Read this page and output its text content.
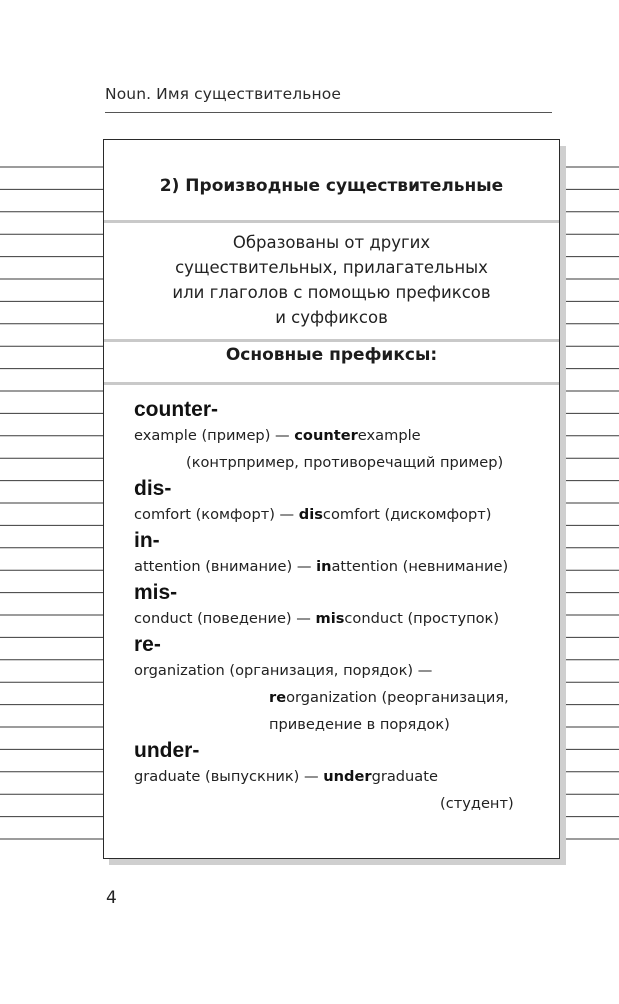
Noun. Имя существительное
2) Производные существительные
Образованы от других
существительных, прилагательных
или глаголов с помощью префиксов
и суффиксов
Основные префиксы:
counter-
example (пример) — counterexample
(контрпример, противоречащий пример)
dis-
comfort (комфорт) — discomfort (дискомфорт)
in-
attention (внимание) — inattention (невнимание)
mis-
conduct (поведение) — misconduct (проступок)
re-
organization (организация, порядок) —
reorganization (реорганизация,
приведение в порядок)
under-
graduate (выпускник) — undergraduate
(студент)
4
